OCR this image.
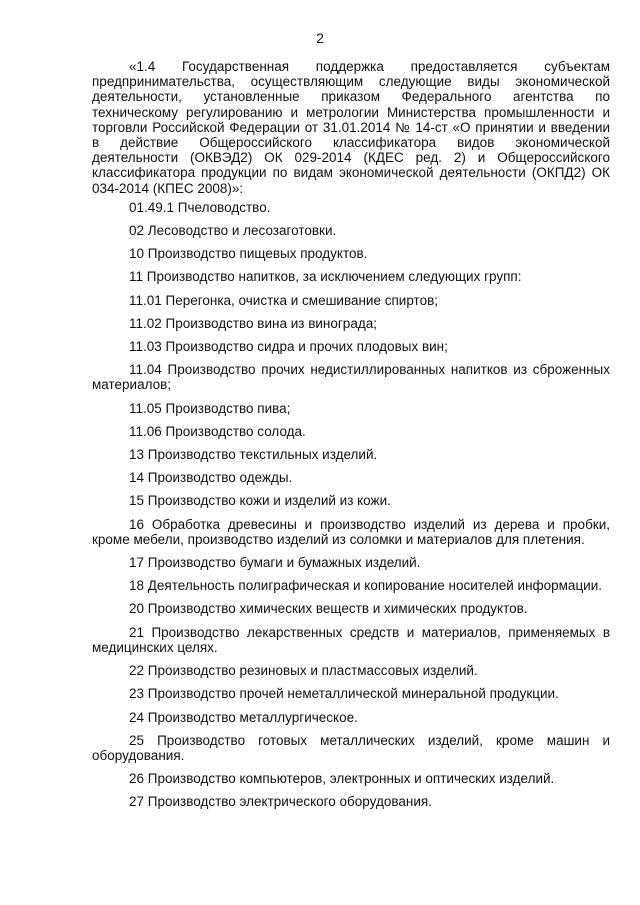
2

«1.4 Государственная поддержка предоставляется субъектам предпринимательства, осуществляющим следующие виды экономической деятельности, установленные приказом Федерального агентства по техническому регулированию и метрологии Министерства промышленности и торговли Российской Федерации от 31.01.2014 № 14-ст «О принятии и введении в действие Общероссийского классификатора видов экономической деятельности (ОКВЭД2) ОК 029-2014 (КДЕС ред. 2) и Общероссийского классификатора продукции по видам экономической деятельности (ОКПД2) ОК 034-2014 (КПЕС 2008)»:

01.49.1 Пчеловодство.

02 Лесоводство и лесозаготовки.

10 Производство пищевых продуктов.

11 Производство напитков, за исключением следующих групп:

11.01 Перегонка, очистка и смешивание спиртов;

11.02 Производство вина из винограда;

11.03 Производство сидра и прочих плодовых вин;

11.04 Производство прочих недистиллированных напитков из сброженных материалов;

11.05 Производство пива;

11.06 Производство солода.

13 Производство текстильных изделий.

14 Производство одежды.

15 Производство кожи и изделий из кожи.

16 Обработка древесины и производство изделий из дерева и пробки, кроме мебели, производство изделий из соломки и материалов для плетения.

17 Производство бумаги и бумажных изделий.

18 Деятельность полиграфическая и копирование носителей информации.

20 Производство химических веществ и химических продуктов.

21 Производство лекарственных средств и материалов, применяемых в медицинских целях.

22 Производство резиновых и пластмассовых изделий.

23 Производство прочей неметаллической минеральной продукции.

24 Производство металлургическое.

25 Производство готовых металлических изделий, кроме машин и оборудования.

26 Производство компьютеров, электронных и оптических изделий.

27 Производство электрического оборудования.
